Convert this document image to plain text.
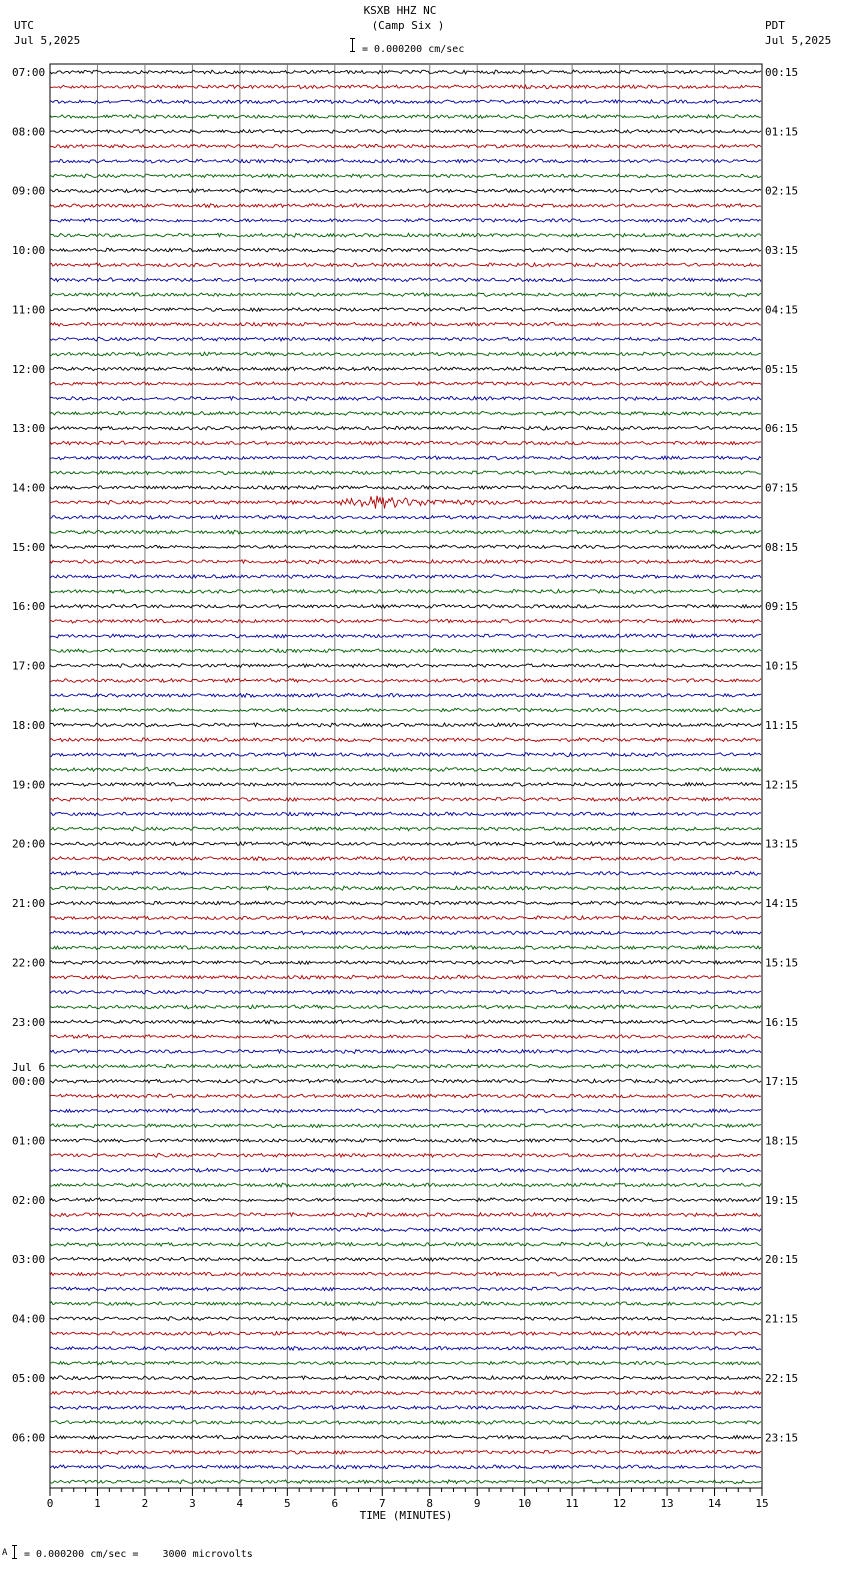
KSXB HHZ NC
(Camp Six )
= 0.000200 cm/sec
UTC
Jul 5,2025
PDT
Jul 5,2025
07:00	00:15
08:00	01:15
09:00	02:15
10:00	03:15
11:00	04:15
12:00	05:15
13:00	06:15
14:00	07:15
15:00	08:15
16:00	09:15
17:00	10:15
18:00	11:15
19:00	12:15
20:00	13:15
21:00	14:15
22:00	15:15
23:00	16:15
00:00	17:15
Jul 6
01:00	18:15
02:00	19:15
03:00	20:15
04:00	21:15
05:00	22:15
06:00	23:15
0	1	2	3	4	5	6	7	8	9	10	11	12	13	14	15
TIME (MINUTES)
A = 0.000200 cm/sec =    3000 microvolts
